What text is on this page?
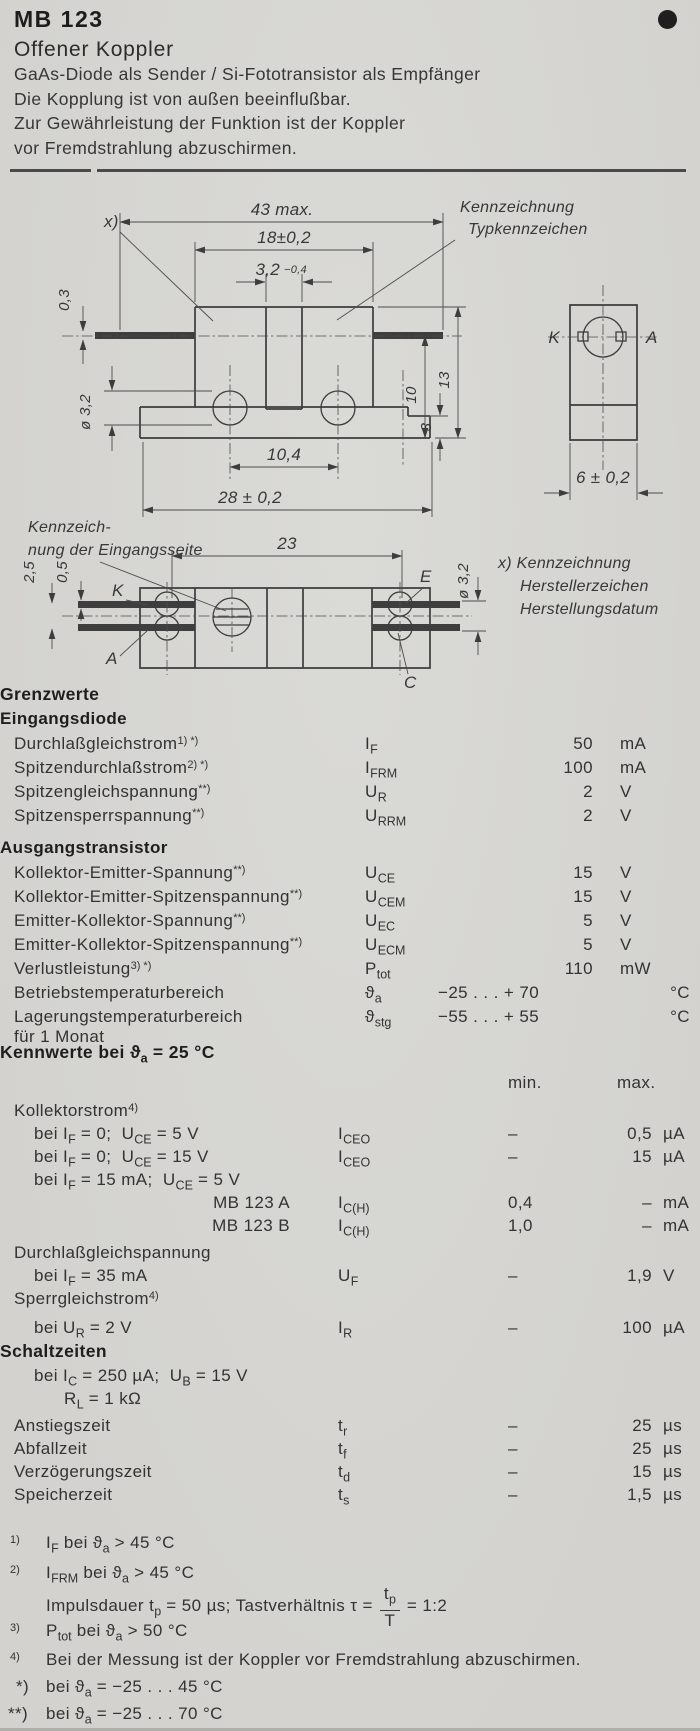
MB 123
Offener Koppler
GaAs-Diode als Sender / Si-Fototransistor als Empfänger
Die Kopplung ist von außen beeinflußbar.
Zur Gewährleistung der Funktion ist der Koppler
vor Fremdstrahlung abzuschirmen.
43 max.
18±0,2
3,2 −0,4
0,3
ø 3,2
13
10
3
10,4
28 ± 0,2
x)
Kennzeichnung
Typkennzeichen
K	A
6 ± 0,2
x) Kennzeichnung
Herstellerzeichen
Herstellungsdatum
Kennzeich-
nung der Eingangsseite
K
A
E
C
23
ø 3,2
2,5 0,5
Grenzwerte
Eingangsdiode
Durchlaßgleichstrom$^{1) *)}$	$I_F$	50 mA
Spitzendurchlaßstrom$^{2) *)}$	$I_{FRM}$	100 mA
Spitzengleichspannung**)	$U_R$	2 V
Spitzensperrspannung**)	$U_{RRM}$	2 V
Ausgangstransistor
Kollektor-Emitter-Spannung**)	$U_{CE}$	15 V
Kollektor-Emitter-Spitzenspannung**)	$U_{CEM}$	15 V
Emitter-Kollektor-Spannung**)	$U_{EC}$	5 V
Emitter-Kollektor-Spitzenspannung**)	$U_{ECM}$	5 V
Verlustleistung$^{3) *)}$	$P_{tot}$	110 mW
Betriebstemperaturbereich	$ϑ_a$	−25 . . . + 70	°C
Lagerungstemperaturbereich
für 1 Monat
$ϑ_{stg}$	−55 . . . + 55	°C
Kennwerte bei $ϑ_a = 25$ °C
min.	max.
Kollektorstrom$^{4)}$
bei $I_F = 0$;  $U_{CE} = 5$ V	$I_{CEO}$	–	0,5 µA
bei $I_F = 0$;  $U_{CE} = 15$ V	$I_{CEO}$	–	15 µA
bei $I_F = 15$ mA;  $U_{CE} = 5$ V
MB 123 A	$I_{C(H)}$	0,4	– mA
MB 123 B	$I_{C(H)}$	1,0	– mA
Durchlaßgleichspannung
bei $I_F = 35$ mA	$U_F$	–	1,9 V
Sperrgleichstrom$^{4)}$
bei $U_R = 2$ V	$I_R$	–	100 µA
Schaltzeiten
bei $I_C = 250$ µA;  $U_B = 15$ V
$R_L = 1$ kΩ
Anstiegszeit	$t_r$	–	25 µs
Abfallzeit	$t_f$	–	25 µs
Verzögerungszeit	$t_d$	–	15 µs
Speicherzeit	$t_s$	–	1,5 µs
$^{1)}$ $I_F$ bei $ϑ_a > 45$ °C
$^{2)}$ $I_{FRM}$ bei $ϑ_a > 45$ °C
Impulsdauer $t_p = 50$ µs; Tastverhältnis $\tau = \frac{t_p}{T}$ = 1:2
$^{3)}$ $P_{tot}$ bei $ϑ_a > 50$ °C
$^{4)}$ Bei der Messung ist der Koppler vor Fremdstrahlung abzuschirmen.
*) bei $ϑ_a = -25$ . . . 45 °C
**) bei $ϑ_a = -25$ . . . 70 °C
